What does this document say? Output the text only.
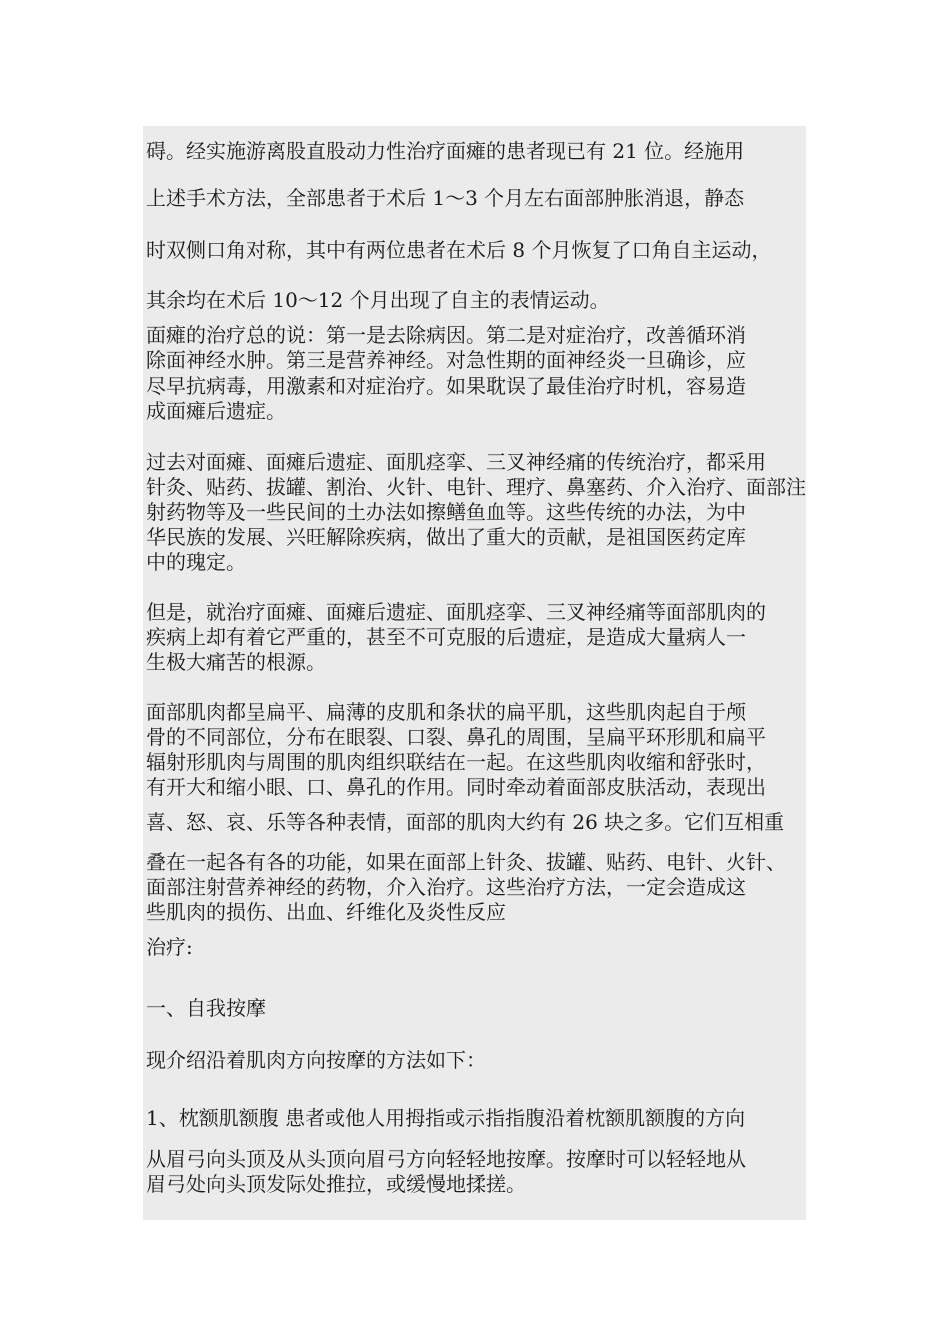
碍。经实施游离股直股动力性治疗面瘫的患者现已有 21 位。经施用
上述手术方法，全部患者于术后 1～3 个月左右面部肿胀消退，静态
时双侧口角对称，其中有两位患者在术后 8 个月恢复了口角自主运动，
其余均在术后 10～12 个月出现了自主的表情运动。
面瘫的治疗总的说：第一是去除病因。第二是对症治疗，改善循环消
除面神经水肿。第三是营养神经。对急性期的面神经炎一旦确诊，应
尽早抗病毒，用激素和对症治疗。如果耽误了最佳治疗时机，容易造
成面瘫后遗症。
过去对面瘫、面瘫后遗症、面肌痉挛、三叉神经痛的传统治疗，都采用
针灸、贴药、拔罐、割治、火针、电针、理疗、鼻塞药、介入治疗、面部注
射药物等及一些民间的土办法如擦鳝鱼血等。这些传统的办法，为中
华民族的发展、兴旺解除疾病，做出了重大的贡献，是祖国医药定库
中的瑰定。
但是，就治疗面瘫、面瘫后遗症、面肌痉挛、三叉神经痛等面部肌肉的
疾病上却有着它严重的，甚至不可克服的后遗症，是造成大量病人一
生极大痛苦的根源。
面部肌肉都呈扁平、扁薄的皮肌和条状的扁平肌，这些肌肉起自于颅
骨的不同部位，分布在眼裂、口裂、鼻孔的周围，呈扁平环形肌和扁平
辐射形肌肉与周围的肌肉组织联结在一起。在这些肌肉收缩和舒张时，
有开大和缩小眼、口、鼻孔的作用。同时牵动着面部皮肤活动，表现出
喜、怒、哀、乐等各种表情，面部的肌肉大约有 26 块之多。它们互相重
叠在一起各有各的功能，如果在面部上针灸、拔罐、贴药、电针、火针、
面部注射营养神经的药物，介入治疗。这些治疗方法，一定会造成这
些肌肉的损伤、出血、纤维化及炎性反应
治疗:
一、自我按摩
现介绍沿着肌肉方向按摩的方法如下：
1、枕额肌额腹 患者或他人用拇指或示指指腹沿着枕额肌额腹的方向
从眉弓向头顶及从头顶向眉弓方向轻轻地按摩。按摩时可以轻轻地从
眉弓处向头顶发际处推拉，或缓慢地揉搓。
